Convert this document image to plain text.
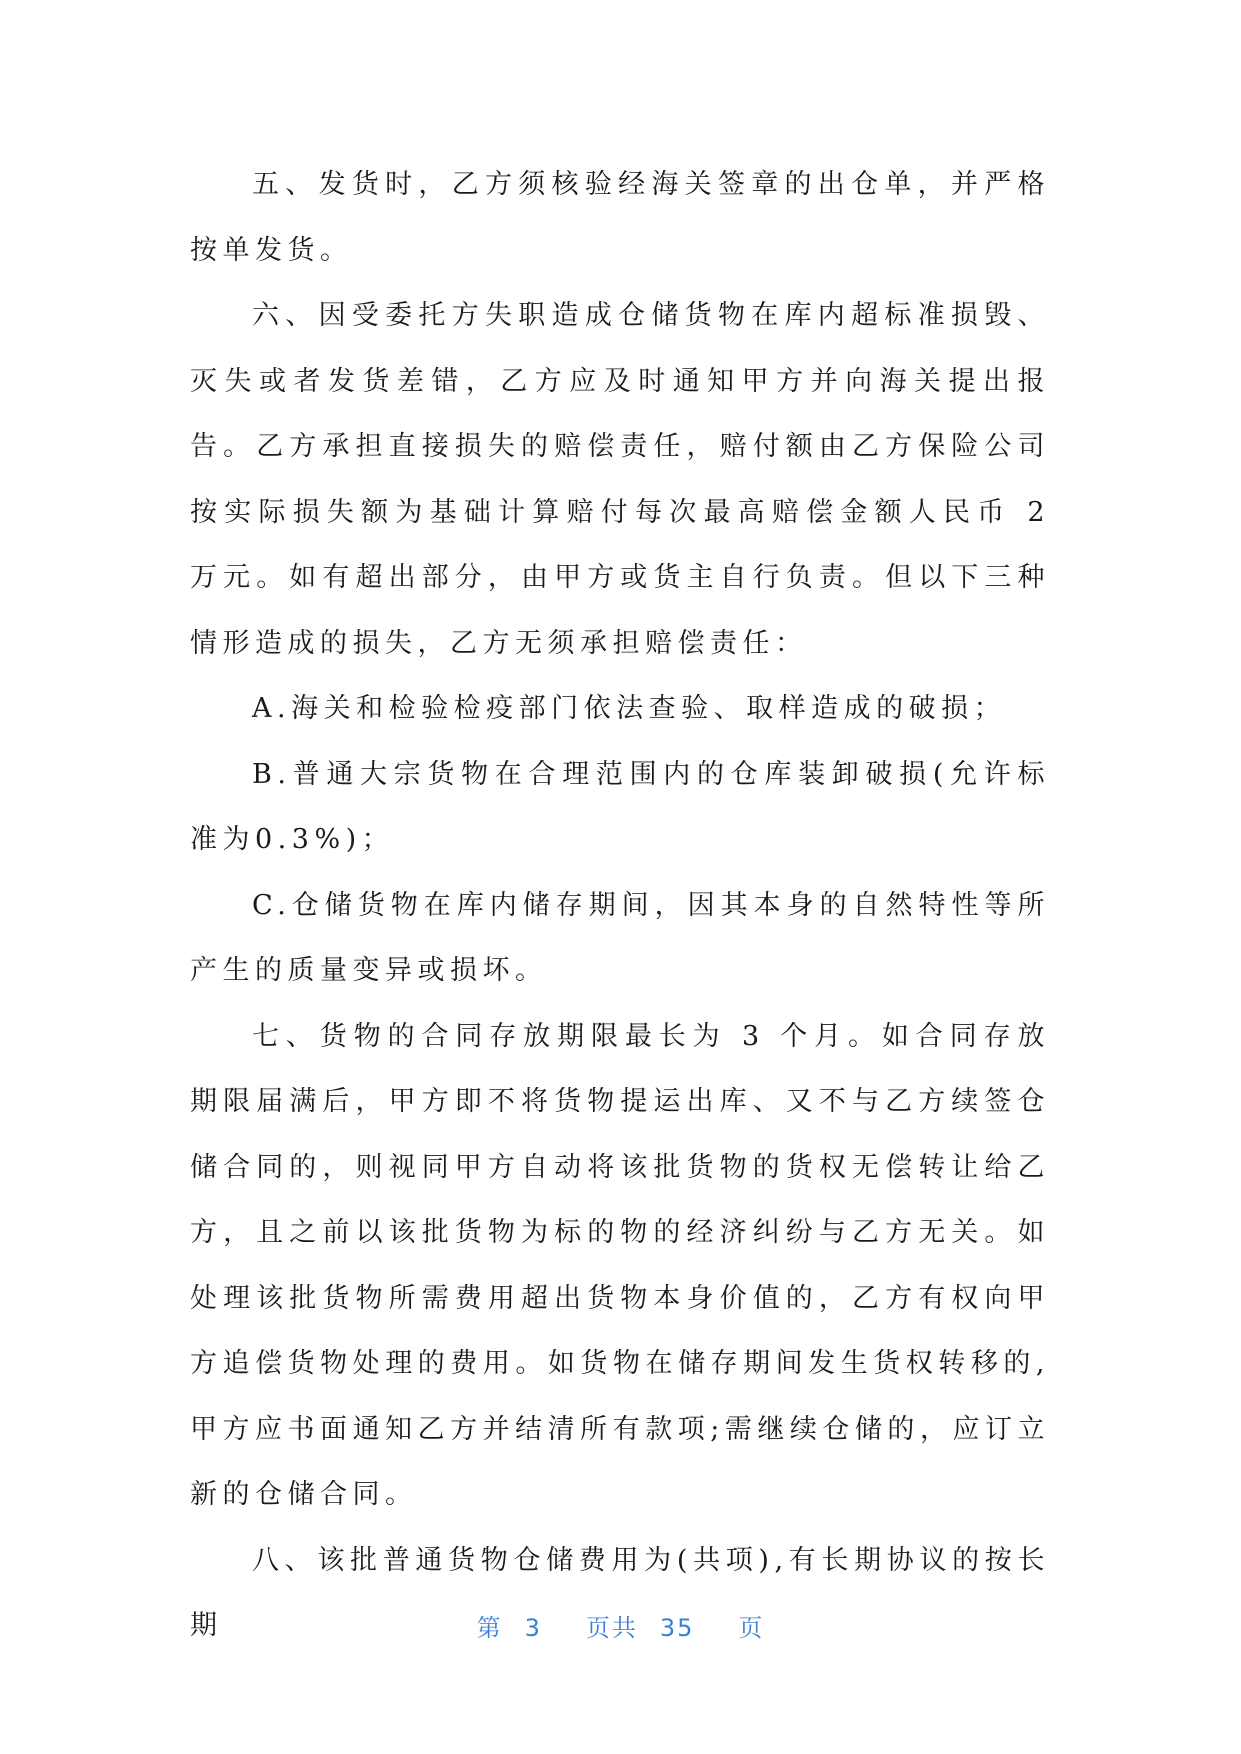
五、发货时，乙方须核验经海关签章的出仓单，并严格按单发货。

六、因受委托方失职造成仓储货物在库内超标准损毁、灭失或者发货差错，乙方应及时通知甲方并向海关提出报告。乙方承担直接损失的赔偿责任，赔付额由乙方保险公司按实际损失额为基础计算赔付每次最高赔偿金额人民币 2 万元。如有超出部分，由甲方或货主自行负责。但以下三种情形造成的损失，乙方无须承担赔偿责任：

A.海关和检验检疫部门依法查验、取样造成的破损；

B.普通大宗货物在合理范围内的仓库装卸破损(允许标准为0.3%)；

C.仓储货物在库内储存期间，因其本身的自然特性等所产生的质量变异或损坏。

七、货物的合同存放期限最长为 3 个月。如合同存放期限届满后，甲方即不将货物提运出库、又不与乙方续签仓储合同的，则视同甲方自动将该批货物的货权无偿转让给乙方，且之前以该批货物为标的物的经济纠纷与乙方无关。如处理该批货物所需费用超出货物本身价值的，乙方有权向甲方追偿货物处理的费用。如货物在储存期间发生货权转移的,甲方应书面通知乙方并结清所有款项;需继续仓储的，应订立新的仓储合同。

八、该批普通货物仓储费用为(共项),有长期协议的按长期	第 3 页共 35 页
